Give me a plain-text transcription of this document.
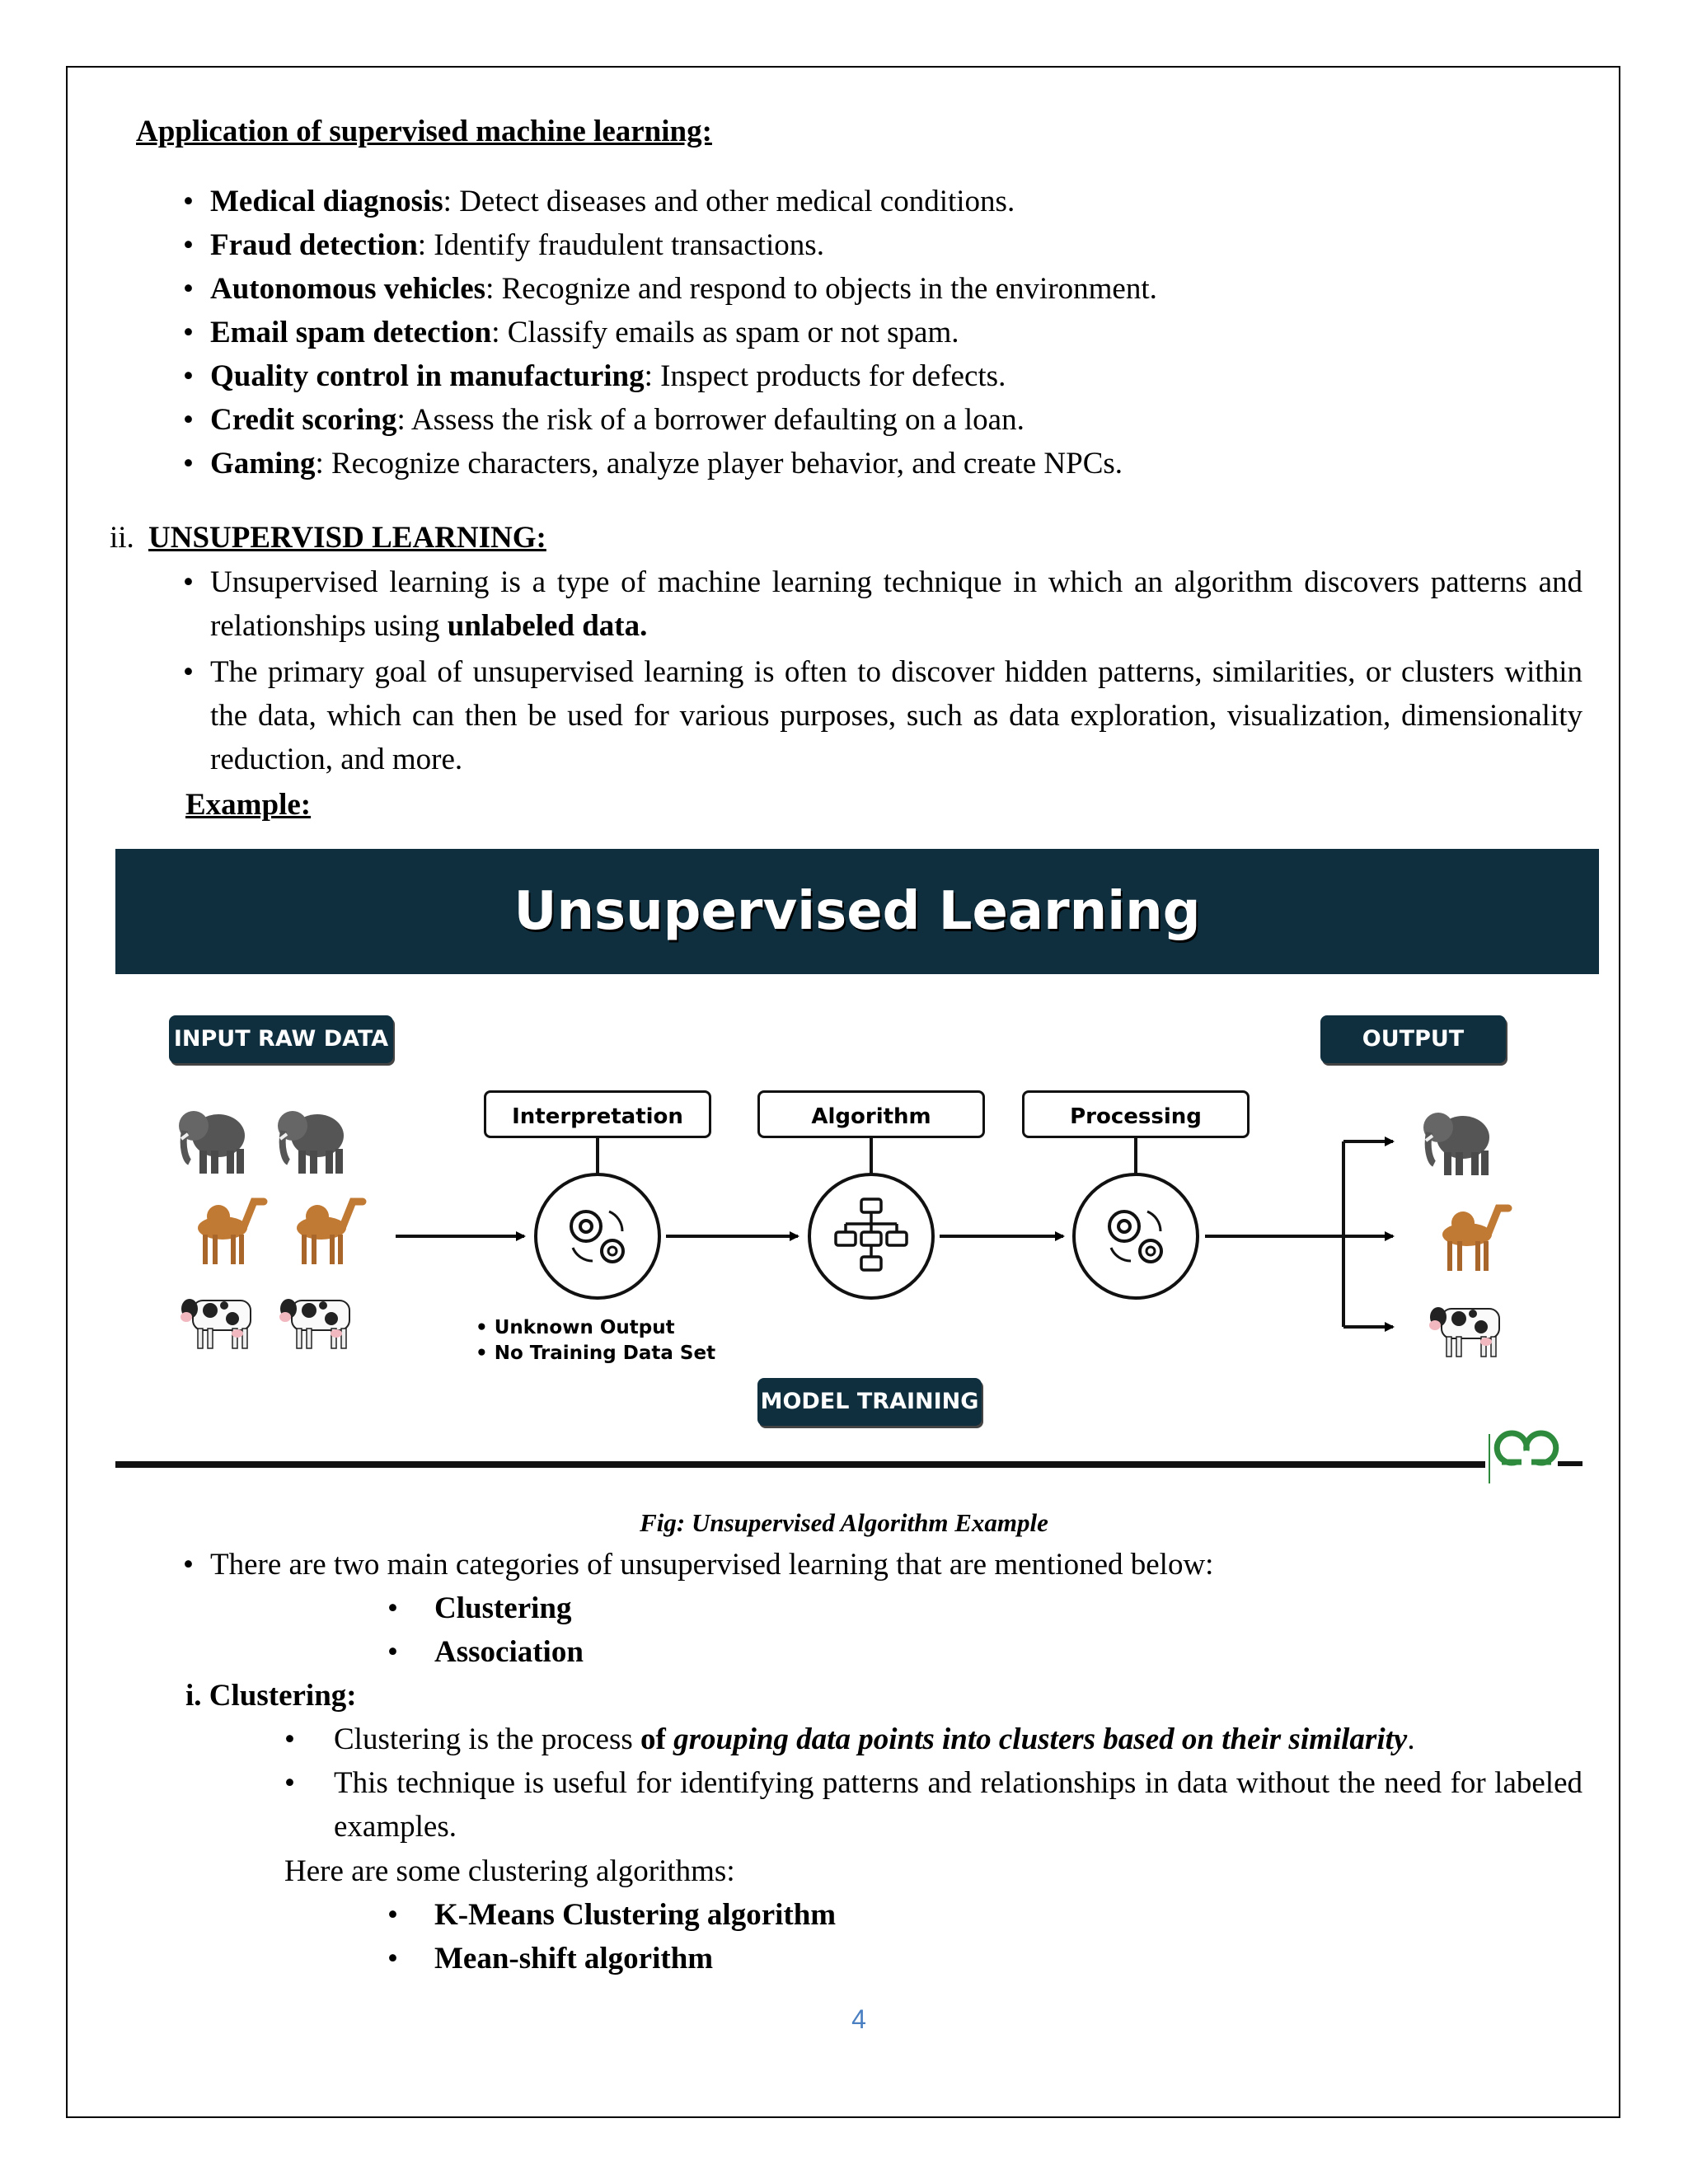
Application of supervised machine learning:
• Medical diagnosis: Detect diseases and other medical conditions.
• Fraud detection: Identify fraudulent transactions.
• Autonomous vehicles: Recognize and respond to objects in the environment.
• Email spam detection: Classify emails as spam or not spam.
• Quality control in manufacturing: Inspect products for defects.
• Credit scoring: Assess the risk of a borrower defaulting on a loan.
• Gaming: Recognize characters, analyze player behavior, and create NPCs.
ii. UNSUPERVISD LEARNING:
• Unsupervised learning is a type of machine learning technique in which an algorithm discovers patterns and relationships using unlabeled data.
• The primary goal of unsupervised learning is often to discover hidden patterns, similarities, or clusters within the data, which can then be used for various purposes, such as data exploration, visualization, dimensionality reduction, and more.
Example:
Unsupervised Learning
INPUT RAW DATA	OUTPUT
Interpretation	Algorithm	Processing
• Unknown Output
• No Training Data Set
MODEL TRAINING
Fig: Unsupervised Algorithm Example
• There are two main categories of unsupervised learning that are mentioned below:
• Clustering
• Association
i. Clustering:
• Clustering is the process of grouping data points into clusters based on their similarity.
• This technique is useful for identifying patterns and relationships in data without the need for labeled examples.
Here are some clustering algorithms:
• K-Means Clustering algorithm
• Mean-shift algorithm
4
